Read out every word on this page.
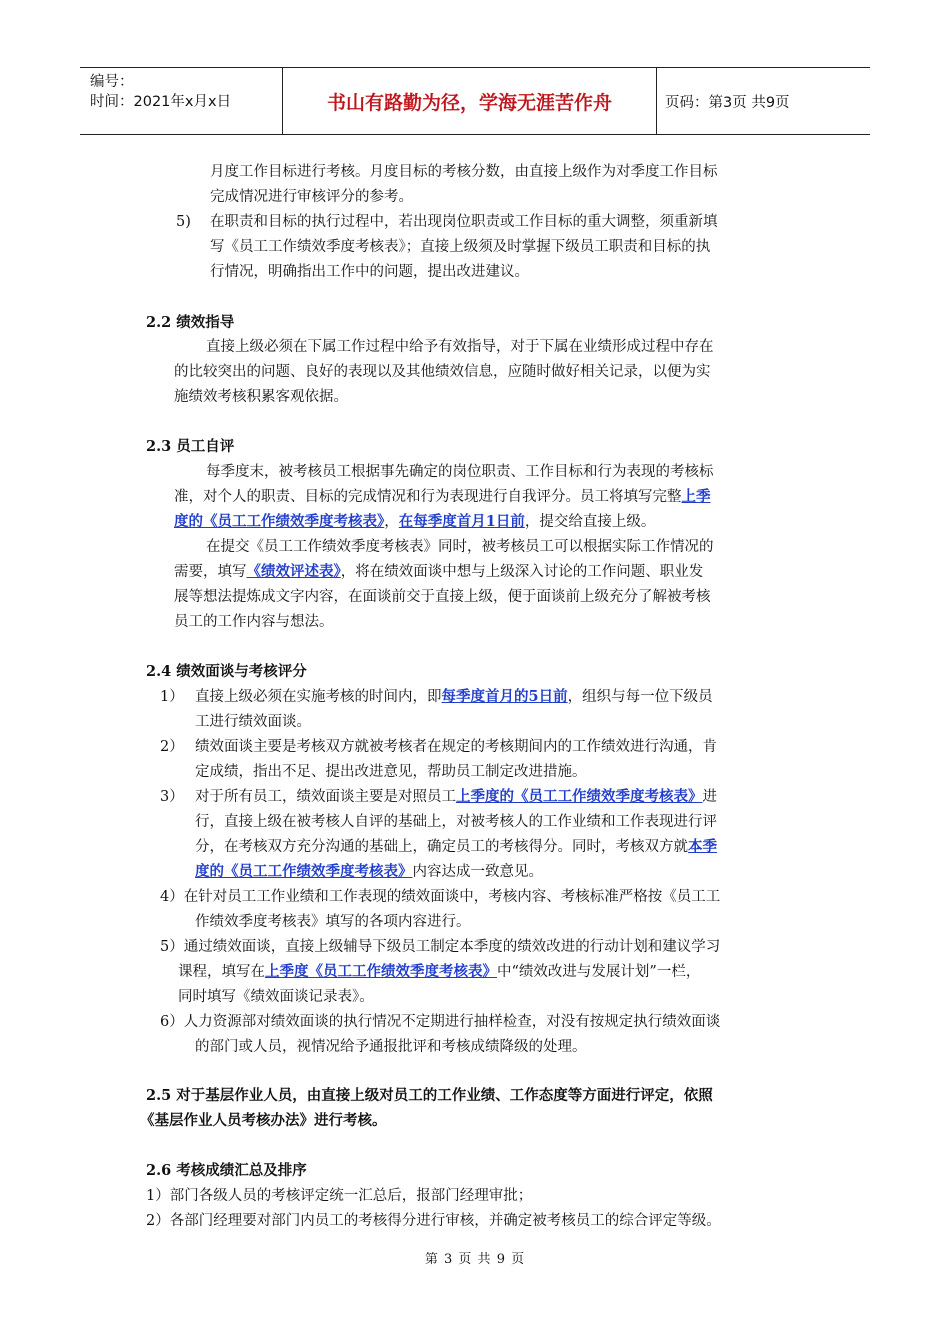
编号：
时间：2021年x月x日	书山有路勤为径，学海无涯苦作舟	页码：第3页 共9页
月度工作目标进行考核。月度目标的考核分数，由直接上级作为对季度工作目标
完成情况进行审核评分的参考。
5) 在职责和目标的执行过程中，若出现岗位职责或工作目标的重大调整，须重新填
写《员工工作绩效季度考核表》；直接上级须及时掌握下级员工职责和目标的执
行情况，明确指出工作中的问题，提出改进建议。
2.2 绩效指导
直接上级必须在下属工作过程中给予有效指导，对于下属在业绩形成过程中存在
的比较突出的问题、良好的表现以及其他绩效信息，应随时做好相关记录，以便为实
施绩效考核积累客观依据。
2.3 员工自评
每季度末，被考核员工根据事先确定的岗位职责、工作目标和行为表现的考核标
准，对个人的职责、目标的完成情况和行为表现进行自我评分。员工将填写完整上季
度的《员工工作绩效季度考核表》，在每季度首月1日前，提交给直接上级。
在提交《员工工作绩效季度考核表》同时，被考核员工可以根据实际工作情况的
需要，填写《绩效评述表》，将在绩效面谈中想与上级深入讨论的工作问题、职业发
展等想法提炼成文字内容，在面谈前交于直接上级，便于面谈前上级充分了解被考核
员工的工作内容与想法。
2.4 绩效面谈与考核评分
1） 直接上级必须在实施考核的时间内，即每季度首月的5日前，组织与每一位下级员
工进行绩效面谈。
2） 绩效面谈主要是考核双方就被考核者在规定的考核期间内的工作绩效进行沟通，肯
定成绩，指出不足、提出改进意见，帮助员工制定改进措施。
3） 对于所有员工，绩效面谈主要是对照员工上季度的《员工工作绩效季度考核表》进
行，直接上级在被考核人自评的基础上，对被考核人的工作业绩和工作表现进行评
分，在考核双方充分沟通的基础上，确定员工的考核得分。同时，考核双方就本季
度的《员工工作绩效季度考核表》内容达成一致意见。
4）在针对员工工作业绩和工作表现的绩效面谈中，考核内容、考核标准严格按《员工工
作绩效季度考核表》填写的各项内容进行。
5）通过绩效面谈，直接上级辅导下级员工制定本季度的绩效改进的行动计划和建议学习
课程，填写在上季度《员工工作绩效季度考核表》中“绩效改进与发展计划”一栏，
同时填写《绩效面谈记录表》。
6）人力资源部对绩效面谈的执行情况不定期进行抽样检查，对没有按规定执行绩效面谈
的部门或人员，视情况给予通报批评和考核成绩降级的处理。
2.5 对于基层作业人员，由直接上级对员工的工作业绩、工作态度等方面进行评定，依照
《基层作业人员考核办法》进行考核。
2.6 考核成绩汇总及排序
1）部门各级人员的考核评定统一汇总后，报部门经理审批；
2）各部门经理要对部门内员工的考核得分进行审核，并确定被考核员工的综合评定等级。
第 3 页 共 9 页
